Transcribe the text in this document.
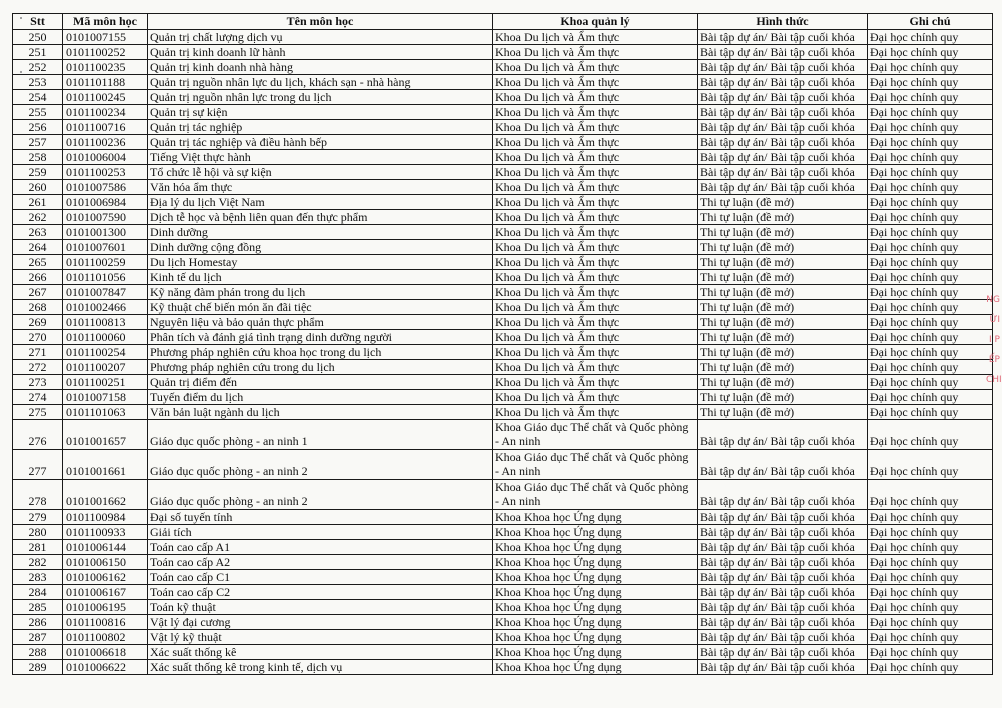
Stt	Mã môn học	Tên môn học	Khoa quản lý	Hình thức	Ghi chú
250	0101007155	Quản trị chất lượng dịch vụ	Khoa Du lịch và Ẩm thực	Bài tập dự án/ Bài tập cuối khóa	Đại học chính quy
251	0101100252	Quản trị kinh doanh lữ hành	Khoa Du lịch và Ẩm thực	Bài tập dự án/ Bài tập cuối khóa	Đại học chính quy
252	0101100235	Quản trị kinh doanh nhà hàng	Khoa Du lịch và Ẩm thực	Bài tập dự án/ Bài tập cuối khóa	Đại học chính quy
253	0101101188	Quản trị nguồn nhân lực du lịch, khách sạn - nhà hàng	Khoa Du lịch và Ẩm thực	Bài tập dự án/ Bài tập cuối khóa	Đại học chính quy
254	0101100245	Quản trị nguồn nhân lực trong du lịch	Khoa Du lịch và Ẩm thực	Bài tập dự án/ Bài tập cuối khóa	Đại học chính quy
255	0101100234	Quản trị sự kiện	Khoa Du lịch và Ẩm thực	Bài tập dự án/ Bài tập cuối khóa	Đại học chính quy
256	0101100716	Quản trị tác nghiệp	Khoa Du lịch và Ẩm thực	Bài tập dự án/ Bài tập cuối khóa	Đại học chính quy
257	0101100236	Quản trị tác nghiệp và điều hành bếp	Khoa Du lịch và Ẩm thực	Bài tập dự án/ Bài tập cuối khóa	Đại học chính quy
258	0101006004	Tiếng Việt thực hành	Khoa Du lịch và Ẩm thực	Bài tập dự án/ Bài tập cuối khóa	Đại học chính quy
259	0101100253	Tổ chức lễ hội và sự kiện	Khoa Du lịch và Ẩm thực	Bài tập dự án/ Bài tập cuối khóa	Đại học chính quy
260	0101007586	Văn hóa ẩm thực	Khoa Du lịch và Ẩm thực	Bài tập dự án/ Bài tập cuối khóa	Đại học chính quy
261	0101006984	Địa lý du lịch Việt Nam	Khoa Du lịch và Ẩm thực	Thi tự luận (đề mở)	Đại học chính quy
262	0101007590	Dịch tễ học và bệnh liên quan đến thực phẩm	Khoa Du lịch và Ẩm thực	Thi tự luận (đề mở)	Đại học chính quy
263	0101001300	Dinh dưỡng	Khoa Du lịch và Ẩm thực	Thi tự luận (đề mở)	Đại học chính quy
264	0101007601	Dinh dưỡng cộng đồng	Khoa Du lịch và Ẩm thực	Thi tự luận (đề mở)	Đại học chính quy
265	0101100259	Du lịch Homestay	Khoa Du lịch và Ẩm thực	Thi tự luận (đề mở)	Đại học chính quy
266	0101101056	Kinh tế du lịch	Khoa Du lịch và Ẩm thực	Thi tự luận (đề mở)	Đại học chính quy
267	0101007847	Kỹ năng đàm phán trong du lịch	Khoa Du lịch và Ẩm thực	Thi tự luận (đề mở)	Đại học chính quy
268	0101002466	Kỹ thuật chế biến món ăn đãi tiệc	Khoa Du lịch và Ẩm thực	Thi tự luận (đề mở)	Đại học chính quy
269	0101100813	Nguyên liệu và bảo quản thực phẩm	Khoa Du lịch và Ẩm thực	Thi tự luận (đề mở)	Đại học chính quy
270	0101100060	Phân tích và đánh giá tình trạng dinh dưỡng người	Khoa Du lịch và Ẩm thực	Thi tự luận (đề mở)	Đại học chính quy
271	0101100254	Phương pháp nghiên cứu khoa học trong du lịch	Khoa Du lịch và Ẩm thực	Thi tự luận (đề mở)	Đại học chính quy
272	0101100207	Phương pháp nghiên cứu trong du lịch	Khoa Du lịch và Ẩm thực	Thi tự luận (đề mở)	Đại học chính quy
273	0101100251	Quản trị điểm đến	Khoa Du lịch và Ẩm thực	Thi tự luận (đề mở)	Đại học chính quy
274	0101007158	Tuyến điểm du lịch	Khoa Du lịch và Ẩm thực	Thi tự luận (đề mở)	Đại học chính quy
275	0101101063	Văn bản luật ngành du lịch	Khoa Du lịch và Ẩm thực	Thi tự luận (đề mở)	Đại học chính quy
276	0101001657	Giáo dục quốc phòng - an ninh 1	Khoa Giáo dục Thể chất và Quốc phòng - An ninh	Bài tập dự án/ Bài tập cuối khóa	Đại học chính quy
277	0101001661	Giáo dục quốc phòng - an ninh 2	Khoa Giáo dục Thể chất và Quốc phòng - An ninh	Bài tập dự án/ Bài tập cuối khóa	Đại học chính quy
278	0101001662	Giáo dục quốc phòng - an ninh 2	Khoa Giáo dục Thể chất và Quốc phòng - An ninh	Bài tập dự án/ Bài tập cuối khóa	Đại học chính quy
279	0101100984	Đại số tuyến tính	Khoa Khoa học Ứng dụng	Bài tập dự án/ Bài tập cuối khóa	Đại học chính quy
280	0101100933	Giải tích	Khoa Khoa học Ứng dụng	Bài tập dự án/ Bài tập cuối khóa	Đại học chính quy
281	0101006144	Toán cao cấp A1	Khoa Khoa học Ứng dụng	Bài tập dự án/ Bài tập cuối khóa	Đại học chính quy
282	0101006150	Toán cao cấp A2	Khoa Khoa học Ứng dụng	Bài tập dự án/ Bài tập cuối khóa	Đại học chính quy
283	0101006162	Toán cao cấp C1	Khoa Khoa học Ứng dụng	Bài tập dự án/ Bài tập cuối khóa	Đại học chính quy
284	0101006167	Toán cao cấp C2	Khoa Khoa học Ứng dụng	Bài tập dự án/ Bài tập cuối khóa	Đại học chính quy
285	0101006195	Toán kỹ thuật	Khoa Khoa học Ứng dụng	Bài tập dự án/ Bài tập cuối khóa	Đại học chính quy
286	0101100816	Vật lý đại cương	Khoa Khoa học Ứng dụng	Bài tập dự án/ Bài tập cuối khóa	Đại học chính quy
287	0101100802	Vật lý kỹ thuật	Khoa Khoa học Ứng dụng	Bài tập dự án/ Bài tập cuối khóa	Đại học chính quy
288	0101006618	Xác suất thống kê	Khoa Khoa học Ứng dụng	Bài tập dự án/ Bài tập cuối khóa	Đại học chính quy
289	0101006622	Xác suất thống kê trong kinh tế, dịch vụ	Khoa Khoa học Ứng dụng	Bài tập dự án/ Bài tập cuối khóa	Đại học chính quy
NG
ỨI
I P
ẾP
CHI
